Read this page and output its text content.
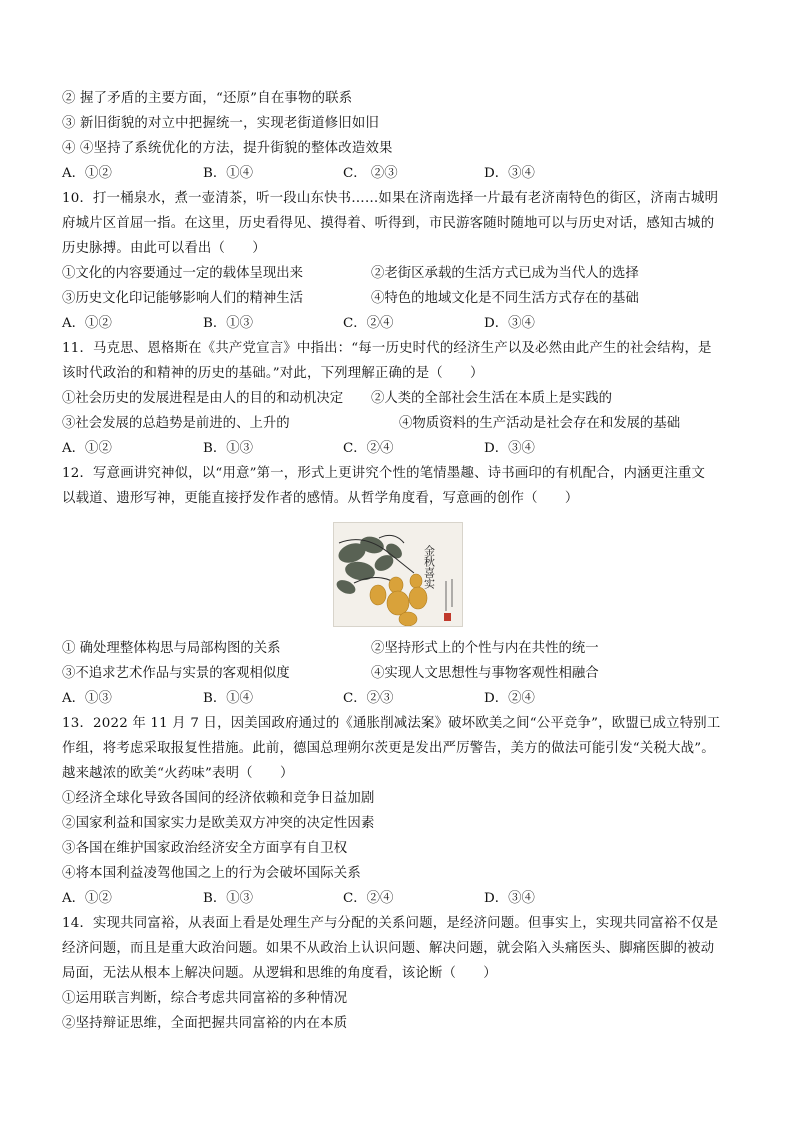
② 握了矛盾的主要方面，“还原”自在事物的联系
③ 新旧街貌的对立中把握统一，实现老街道修旧如旧
④ ④坚持了系统优化的方法，提升街貌的整体改造效果
A．①②	B．①④	C． ②③	D．③④
10．打一桶泉水，煮一壶清茶，听一段山东快书……如果在济南选择一片最有老济南特色的街区，济南古城明
府城片区首屈一指。在这里，历史看得见、摸得着、听得到，市民游客随时随地可以与历史对话，感知古城的
历史脉搏。由此可以看出（　　）
①文化的内容要通过一定的载体呈现出来	②老街区承载的生活方式已成为当代人的选择
③历史文化印记能够影响人们的精神生活	④特色的地域文化是不同生活方式存在的基础
A．①②	B．①③	C．②④	D．③④
11．马克思、恩格斯在《共产党宣言》中指出：“每一历史时代的经济生产以及必然由此产生的社会结构，是
该时代政治的和精神的历史的基础。”对此，下列理解正确的是（　　）
①社会历史的发展进程是由人的目的和动机决定 ②人类的全部社会生活在本质上是实践的
③社会发展的总趋势是前进的、上升的	④物质资料的生产活动是社会存在和发展的基础
A．①②	B．①③	C．②④	D．③④
12．写意画讲究神似，以“用意”第一，形式上更讲究个性的笔情墨趣、诗书画印的有机配合，内涵更注重文
以载道、遗形写神，更能直接抒发作者的感情。从哲学角度看，写意画的创作（　　）
金秋喜实
① 确处理整体构思与局部构图的关系	②坚持形式上的个性与内在共性的统一
③不追求艺术作品与实景的客观相似度	④实现人文思想性与事物客观性相融合
A．①③	B．①④	C．②③	D．②④
13．2022 年 11 月 7 日，因美国政府通过的《通胀削减法案》破坏欧美之间“公平竞争”，欧盟已成立特别工
作组，将考虑采取报复性措施。此前，德国总理朔尔茨更是发出严厉警告，美方的做法可能引发“关税大战”。
越来越浓的欧美“火药味”表明（　　）
①经济全球化导致各国间的经济依赖和竞争日益加剧
②国家利益和国家实力是欧美双方冲突的决定性因素
③各国在维护国家政治经济安全方面享有自卫权
④将本国利益凌驾他国之上的行为会破坏国际关系
A．①②	B．①③	C．②④	D．③④
14．实现共同富裕，从表面上看是处理生产与分配的关系问题，是经济问题。但事实上，实现共同富裕不仅是
经济问题，而且是重大政治问题。如果不从政治上认识问题、解决问题，就会陷入头痛医头、脚痛医脚的被动
局面，无法从根本上解决问题。从逻辑和思维的角度看，该论断（　　）
①运用联言判断，综合考虑共同富裕的多种情况
②坚持辩证思维，全面把握共同富裕的内在本质
